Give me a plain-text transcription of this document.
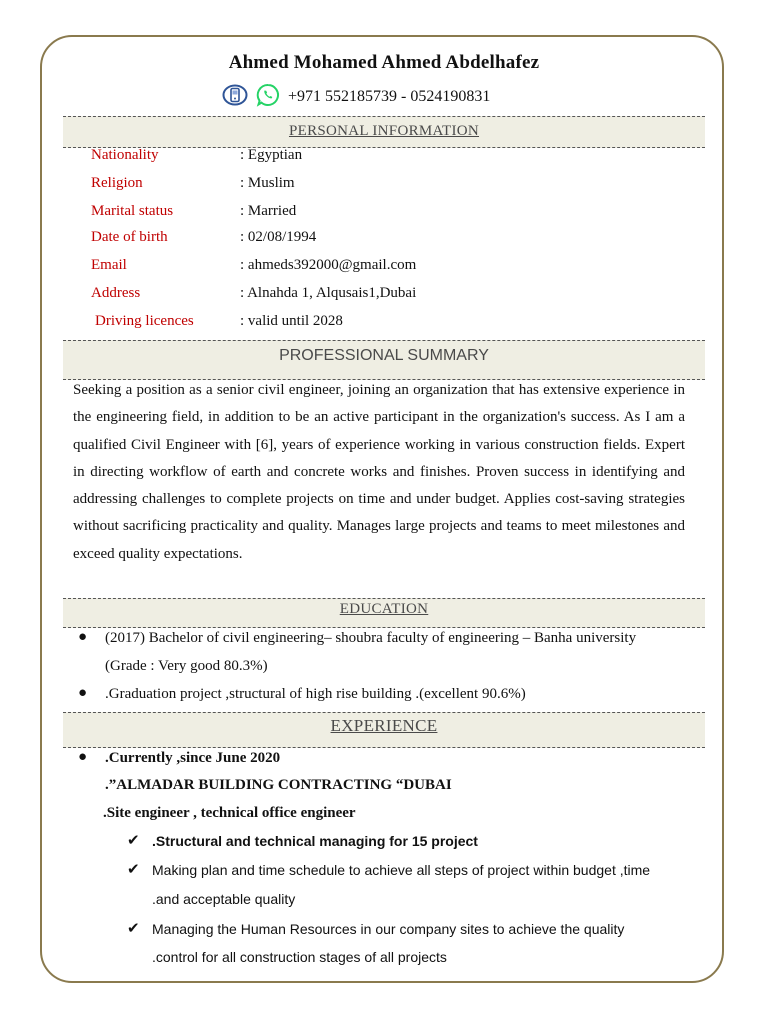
Ahmed Mohamed Ahmed Abdelhafez
+971 552185739 - 0524190831
PERSONAL INFORMATION
Nationality	: Egyptian
Religion	: Muslim
Marital status	: Married
Date of birth	: 02/08/1994
Email	: ahmeds392000@gmail.com
Address	: Alnahda 1, Alqusais1,Dubai
Driving licences	: valid until 2028
PROFESSIONAL SUMMARY
Seeking a position as a senior civil engineer, joining an organization that has extensive experience in the engineering field, in addition to be an active participant in the organization's success. As I am a qualified Civil Engineer with [6], years of experience working in various construction fields. Expert in directing workflow of earth and concrete works and finishes. Proven success in identifying and addressing challenges to complete projects on time and under budget. Applies cost-saving strategies without sacrificing practicality and quality. Manages large projects and teams to meet milestones and exceed quality expectations.
EDUCATION
● (2017) Bachelor of civil engineering– shoubra faculty of engineering – Banha university
(Grade : Very good 80.3%)
● .Graduation project ,structural of high rise building .(excellent 90.6%)
EXPERIENCE
● .Currently ,since June 2020
.”ALMADAR BUILDING CONTRACTING “DUBAI
.Site engineer , technical office engineer
✔ .Structural and technical managing for 15 project
✔ Making plan and time schedule to achieve all steps of project within budget ,time
.and acceptable quality
✔ Managing the Human Resources in our company sites to achieve the quality
.control for all construction stages of all projects
